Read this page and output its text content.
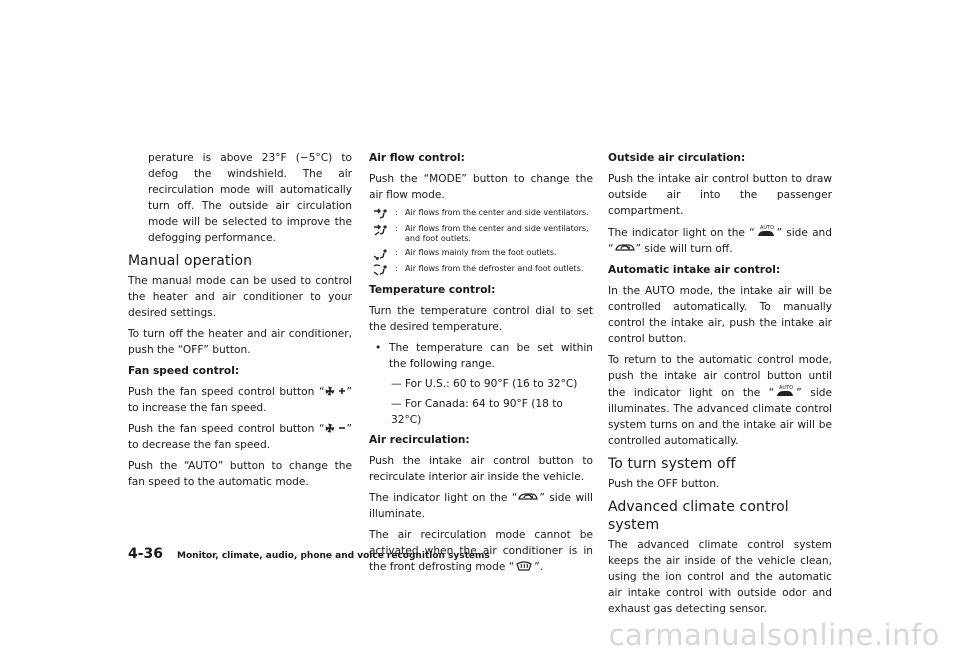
perature is above 23°F (−5°C) to defog the windshield. The air recirculation mode will automatically turn off. The outside air circulation mode will be selected to improve the defogging performance.

Manual operation

The manual mode can be used to control the heater and air conditioner to your desired settings.

To turn off the heater and air conditioner, push the “OFF” button.

Fan speed control:

Push the fan speed control button “ ” to increase the fan speed.

Push the fan speed control button “ ” to decrease the fan speed.

Push the “AUTO” button to change the fan speed to the automatic mode.

Air flow control:

Push the “MODE” button to change the air flow mode.

: Air flows from the center and side ventilators.
: Air flows from the center and side ventilators, and foot outlets.
: Air flows mainly from the foot outlets.
: Air flows from the defroster and foot outlets.

Temperature control:

Turn the temperature control dial to set the desired temperature.

• The temperature can be set within the following range.

— For U.S.: 60 to 90°F (16 to 32°C)
— For Canada: 64 to 90°F (18 to 32°C)

Air recirculation:

Push the intake air control button to recirculate interior air inside the vehicle.

The indicator light on the “ ” side will illuminate.

The air recirculation mode cannot be activated when the air conditioner is in the front defrosting mode “ ”.

Outside air circulation:

Push the intake air control button to draw outside air into the passenger compartment.

The indicator light on the “ AUTO ” side and “ ” side will turn off.

Automatic intake air control:

In the AUTO mode, the intake air will be controlled automatically. To manually control the intake air, push the intake air control button.

To return to the automatic control mode, push the intake air control button until the indicator light on the “ AUTO ” side illuminates. The advanced climate control system turns on and the intake air will be controlled automatically.

To turn system off

Push the OFF button.

Advanced climate control system

The advanced climate control system keeps the air inside of the vehicle clean, using the ion control and the automatic air intake control with outside odor and exhaust gas detecting sensor.

4-36 Monitor, climate, audio, phone and voice recognition systems
carmanualsonline.info
